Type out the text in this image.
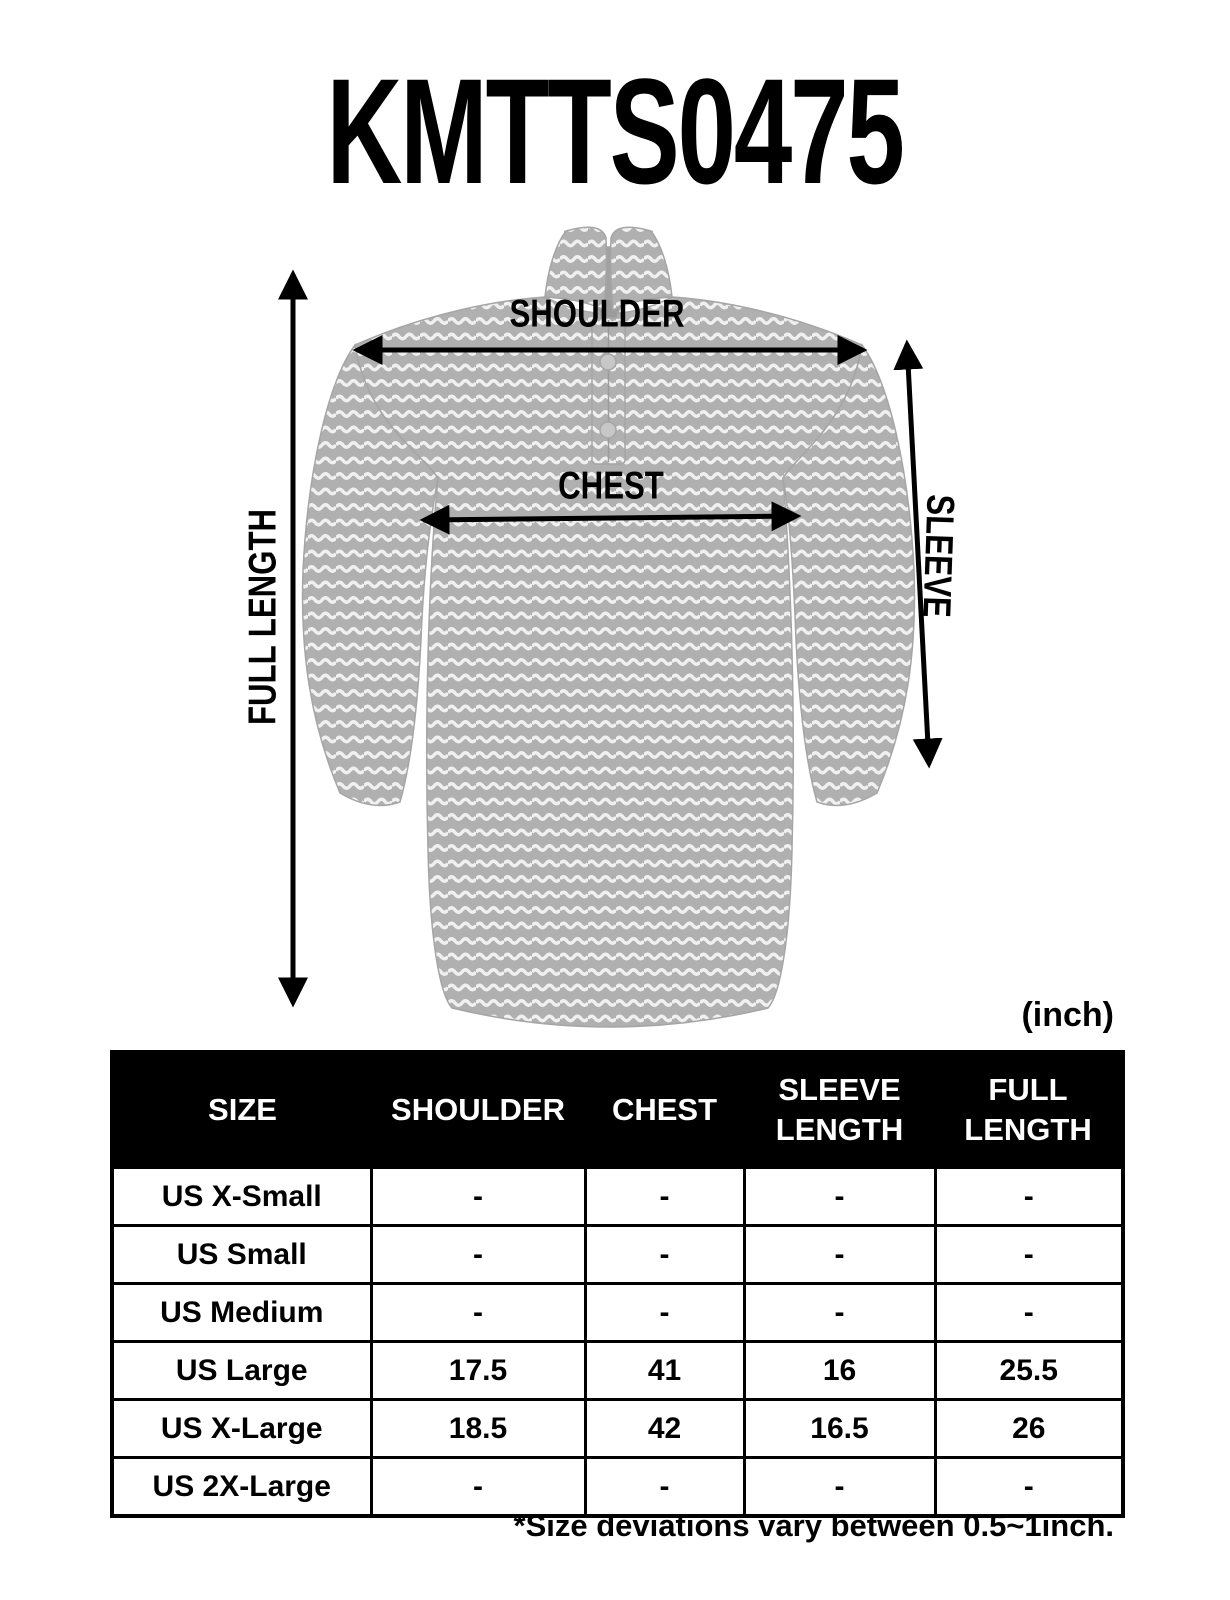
KMTTS0475
SHOULDER
CHEST
FULL LENGTH	SLEEVE
(inch)
SIZE	SHOULDER	CHEST	SLEEVE LENGTH	FULL LENGTH
US X-Small	-	-	-	-
US Small	-	-	-	-
US Medium	-	-	-	-
US Large	17.5	41	16	25.5
US X-Large	18.5	42	16.5	26
US 2X-Large	-	-	-	-
*Size deviations vary between 0.5~1inch.
